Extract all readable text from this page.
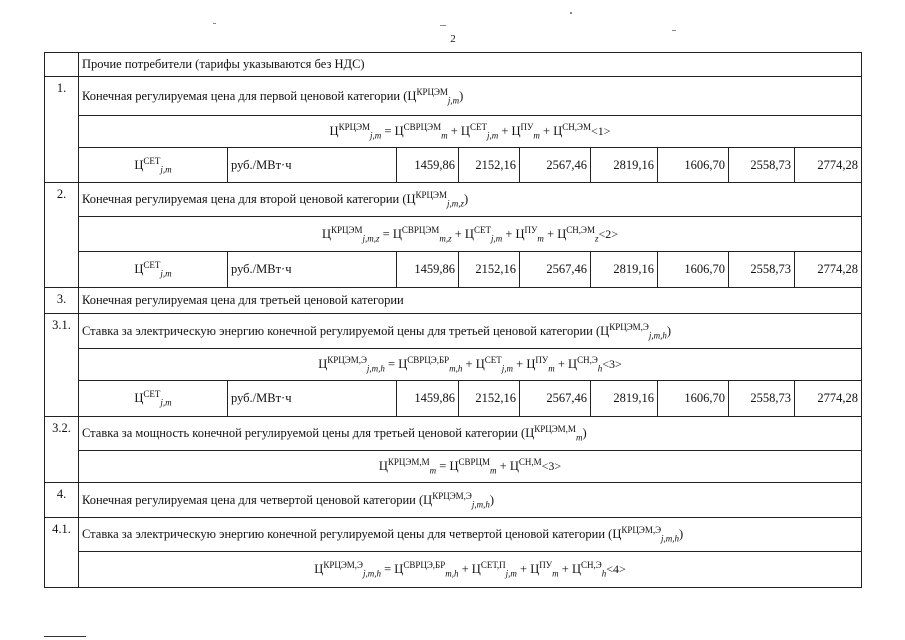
2
	Прочие потребители (тарифы указываются без НДС)									
1.	Конечная регулируемая цена для первой ценовой категории $(Ц^{КРЦЭМ}_{j,m})$									
	$Ц^{КРЦЭМ}_{j,m} = Ц^{СВРЦЭМ}_m + Ц^{СЕТ}_{j,m} + Ц^{ПУ}_m + Ц^{СН,ЭМ}<1>$									
	$Ц^{СЕТ}_{j,m}$	руб./МВт·ч	1459,86	2152,16	2567,46	2819,16	1606,70	2558,73	2774,28	
2.	Конечная регулируемая цена для второй ценовой категории $(Ц^{КРЦЭМ}_{j,m,z})$									
	$Ц^{КРЦЭМ}_{j,m,z} = Ц^{СВРЦЭМ}_{m,z} + Ц^{СЕТ}_{j,m} + Ц^{ПУ}_m + Ц^{СН,ЭМ}_z<2>$									
	$Ц^{СЕТ}_{j,m}$	руб./МВт·ч	1459,86	2152,16	2567,46	2819,16	1606,70	2558,73	2774,28	
3.	Конечная регулируемая цена для третьей ценовой категории									
3.1.	Ставка за электрическую энергию конечной регулируемой цены для третьей ценовой категории $(Ц^{КРЦЭМ,Э}_{j,m,h})$									
	$Ц^{КРЦЭМ,Э}_{j,m,h} = Ц^{СВРЦЭ,БР}_{m,h} + Ц^{СЕТ}_{j,m} + Ц^{ПУ}_m + Ц^{СН,Э}_h<3>$									
	$Ц^{СЕТ}_{j,m}$	руб./МВт·ч	1459,86	2152,16	2567,46	2819,16	1606,70	2558,73	2774,28	
3.2.	Ставка за мощность конечной регулируемой цены для третьей ценовой категории $(Ц^{КРЦЭМ,М}_m)$									
	$Ц^{КРЦЭМ,М}_m = Ц^{СВРЦМ}_m + Ц^{СН,М}<3>$									
4.	Конечная регулируемая цена для четвертой ценовой категории $(Ц^{КРЦЭМ,Э}_{j,m,h})$									
4.1.	Ставка за электрическую энергию конечной регулируемой цены для четвертой ценовой категории $(Ц^{КРЦЭМ,Э}_{j,m,h})$									
	$Ц^{КРЦЭМ,Э}_{j,m,h} = Ц^{СВРЦЭ,БР}_{m,h} + Ц^{СЕТ,П}_{j,m} + Ц^{ПУ}_m + Ц^{СН,Э}_h<4>$									
